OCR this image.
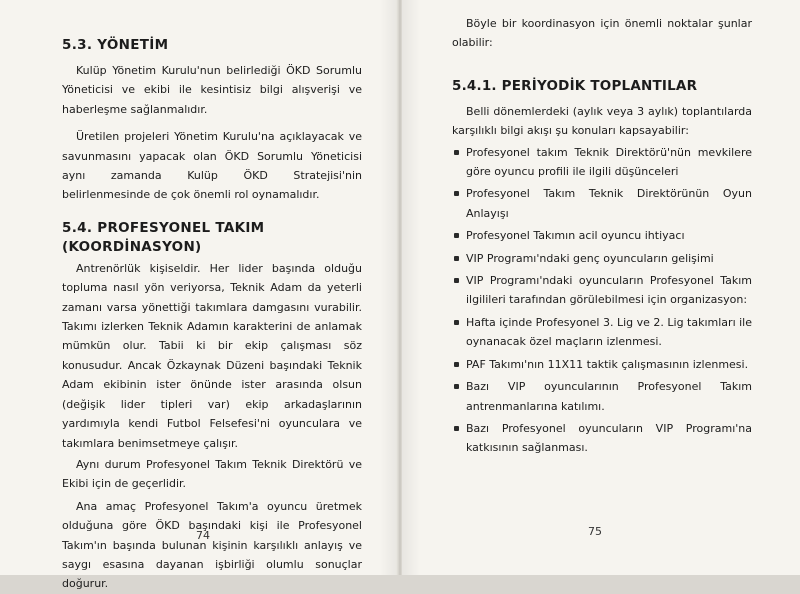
5.3. YÖNETİM

Kulüp Yönetim Kurulu'nun belirlediği ÖKD Sorumlu Yöneticisi ve ekibi ile kesintisiz bilgi alışverişi ve haberleşme sağlanmalıdır.

Üretilen projeleri Yönetim Kurulu'na açıklayacak ve savunmasını yapacak olan ÖKD Sorumlu Yöneticisi aynı zamanda Kulüp ÖKD Stratejisi'nin belirlenmesinde de çok önemli rol oynamalıdır.

5.4. PROFESYONEL TAKIM
(KOORDİNASYON)

Antrenörlük kişiseldir. Her lider başında olduğu topluma nasıl yön veriyorsa, Teknik Adam da yeterli zamanı varsa yönettiği takımlara damgasını vurabilir. Takımı izlerken Teknik Adamın karakterini de anlamak mümkün olur. Tabii ki bir ekip çalışması söz konusudur. Ancak Özkaynak Düzeni başındaki Teknik Adam ekibinin ister önünde ister arasında olsun (değişik lider tipleri var) ekip arkadaşlarının yardımıyla kendi Futbol Felsefesi'ni oyunculara ve takımlara benimsetmeye çalışır.

Aynı durum Profesyonel Takım Teknik Direktörü ve Ekibi için de geçerlidir.

Ana amaç Profesyonel Takım'a oyuncu üretmek olduğuna göre ÖKD başındaki kişi ile Profesyonel Takım'ın başında bulunan kişinin karşılıklı anlayış ve saygı esasına dayanan işbirliği olumlu sonuçlar doğurur.

74

Böyle bir koordinasyon için önemli noktalar şunlar olabilir:

5.4.1. PERİYODİK TOPLANTILAR

Belli dönemlerdeki (aylık veya 3 aylık) toplantılarda karşılıklı bilgi akışı şu konuları kapsayabilir:

Profesyonel takım Teknik Direktörü'nün mevkilere göre oyuncu profili ile ilgili düşünceleri
Profesyonel Takım Teknik Direktörünün Oyun Anlayışı
Profesyonel Takımın acil oyuncu ihtiyacı
VIP Programı'ndaki genç oyuncuların gelişimi
VIP Programı'ndaki oyuncuların Profesyonel Takım ilgilileri tarafından görülebilmesi için organizasyon:
Hafta içinde Profesyonel 3. Lig ve 2. Lig takımları ile oynanacak özel maçların izlenmesi.
PAF Takımı'nın 11X11 taktik çalışmasının izlenmesi.
Bazı VIP oyuncularının Profesyonel Takım antrenmanlarına katılımı.
Bazı Profesyonel oyuncuların VIP Programı'na katkısının sağlanması.
75
